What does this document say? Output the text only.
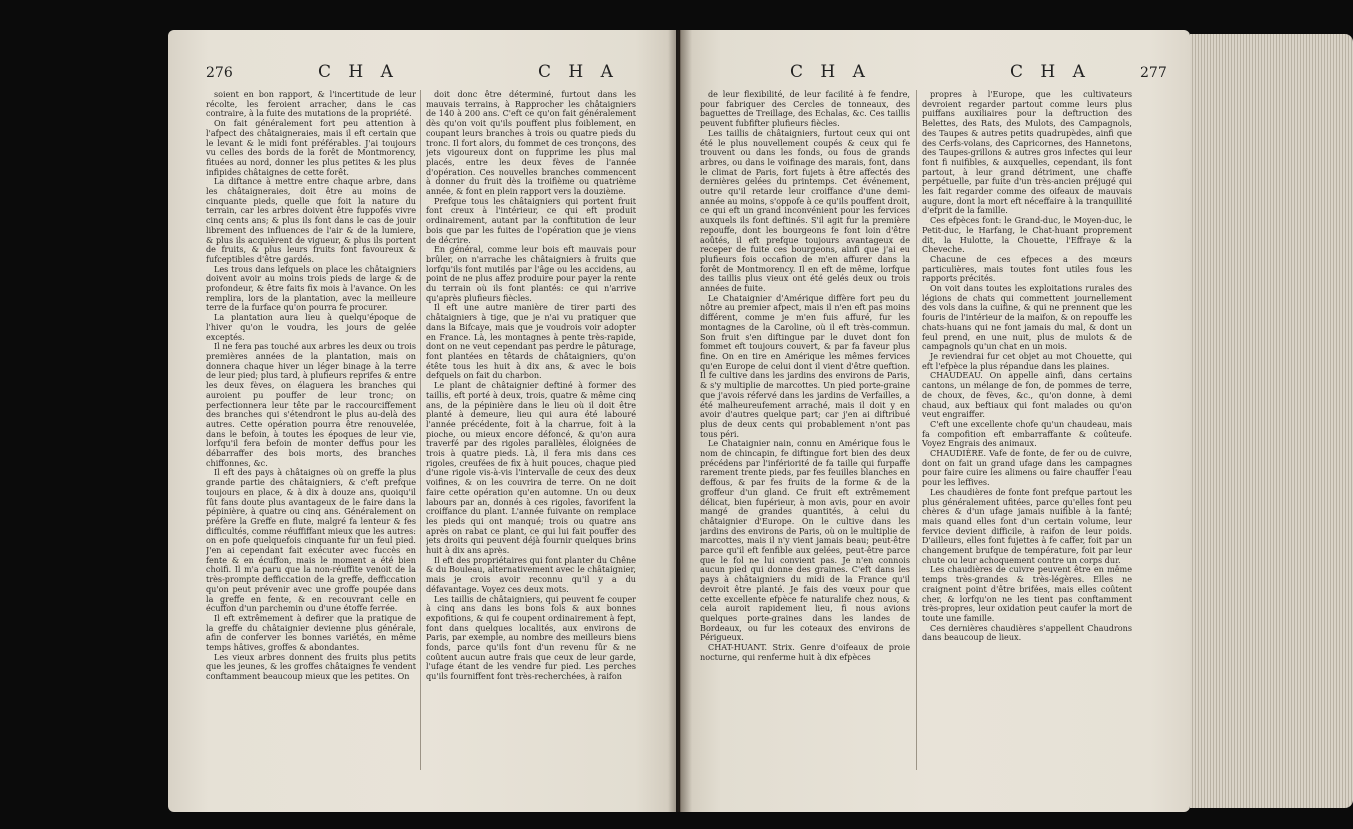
276	C H A	C H A

soient en bon rapport, & l'incertitude de leur récolte, les feroient arracher, dans le cas contraire, à la fuite des mutations de la propriété.

On fait généralement fort peu attention à l'afpect des châtaigneraies, mais il eft certain que le levant & le midi font préférables. J'ai toujours vu celles des bords de la forêt de Montmorency, fituées au nord, donner les plus petites & les plus infipides châtaignes de cette forêt.

La diftance à mettre entre chaque arbre, dans les châtaigneraies, doit être au moins de cinquante pieds, quelle que foit la nature du terrain, car les arbres doivent être fuppofés vivre cinq cents ans; & plus ils font dans le cas de jouir librement des influences de l'air & de la lumiere, & plus ils acquièrent de vigueur, & plus ils portent de fruits, & plus leurs fruits font favoureux & fufceptibles d'être gardés.

Les trous dans lefquels on place les châtaigniers doivent avoir au moins trois pieds de large & de profondeur, & être faits fix mois à l'avance. On les remplira, lors de la plantation, avec la meilleure terre de la furface qu'on pourra fe procurer.

La plantation aura lieu à quelqu'époque de l'hiver qu'on le voudra, les jours de gelée exceptés.

Il ne fera pas touché aux arbres les deux ou trois premières années de la plantation, mais on donnera chaque hiver un léger binage à la terre de leur pied; plus tard, à plufieurs reprifes & entre les deux fèves, on élaguera les branches qui auroient pu pouffer de leur tronc; on perfectionnera leur tête par le raccourciffement des branches qui s'étendront le plus au-delà des autres. Cette opération pourra être renouvelée, dans le befoin, à toutes les époques de leur vie, lorfqu'il fera befoin de monter deffus pour les débarraffer des bois morts, des branches chiffonnes, &c.

Il eft des pays à châtaignes où on greffe la plus grande partie des châtaigniers, & c'eft prefque toujours en place, & à dix à douze ans, quoiqu'il fût fans doute plus avantageux de le faire dans la pépinière, à quatre ou cinq ans. Généralement on préfère la Greffe en flute, malgré fa lenteur & fes difficultés, comme réuffiffant mieux que les autres: on en pofe quelquefois cinquante fur un feul pied. J'en ai cependant fait exécuter avec fuccès en fente & en écuffon, mais le moment a été bien choifi. Il m'a paru que la non-réuffite venoit de la très-prompte defficcation de la greffe, defficcation qu'on peut prévenir avec une groffe poupée dans la greffe en fente, & en recouvrant celle en écuffon d'un parchemin ou d'une étoffe ferrée.

Il eft extrêmement à defirer que la pratique de la greffe du châtaignier devienne plus générale, afin de conferver les bonnes variétés, en même temps hâtives, groffes & abondantes.

Les vieux arbres donnent des fruits plus petits que les jeunes, & les groffes châtaignes fe vendent conftamment beaucoup mieux que les petites. On

doit donc être déterminé, furtout dans les mauvais terrains, à Rapprocher les châtaigniers de 140 à 200 ans. C'eft ce qu'on fait généralement dès qu'on voit qu'ils pouffent plus foiblement, en coupant leurs branches à trois ou quatre pieds du tronc. Il fort alors, du fommet de ces tronçons, des jets vigoureux dont on fupprime les plus mal placés, entre les deux fèves de l'année d'opération. Ces nouvelles branches commencent à donner du fruit dès la troifième ou quatrième année, & font en plein rapport vers la douzième.

Prefque tous les châtaigniers qui portent fruit font creux à l'intérieur, ce qui eft produit ordinairement, autant par la conftitution de leur bois que par les fuites de l'opération que je viens de décrire.

En général, comme leur bois eft mauvais pour brûler, on n'arrache les châtaigniers à fruits que lorfqu'ils font mutilés par l'âge ou les accidens, au point de ne plus affez produire pour payer la rente du terrain où ils font plantés: ce qui n'arrive qu'après plufieurs fiècles.

Il eft une autre manière de tirer parti des châtaigniers à tige, que je n'ai vu pratiquer que dans la Bifcaye, mais que je voudrois voir adopter en France. Là, les montagnes à pente très-rapide, dont on ne veut cependant pas perdre le pâturage, font plantées en têtards de châtaigniers, qu'on étête tous les huit à dix ans, & avec le bois defquels on fait du charbon.

Le plant de châtaignier deftiné à former des taillis, eft porté à deux, trois, quatre & même cinq ans, de la pépinière dans le lieu où il doit être planté à demeure, lieu qui aura été labouré l'année précédente, foit à la charrue, foit à la pioche, ou mieux encore défoncé, & qu'on aura traverfé par des rigoles parallèles, éloignées de trois à quatre pieds. Là, il fera mis dans ces rigoles, creufées de fix à huit pouces, chaque pied d'une rigole vis-à-vis l'intervalle de ceux des deux voifines, & on les couvrira de terre. On ne doit faire cette opération qu'en automne. Un ou deux labours par an, donnés à ces rigoles, favorifent la croiffance du plant. L'année fuivante on remplace les pieds qui ont manqué; trois ou quatre ans après on rabat ce plant, ce qui lui fait pouffer des jets droits qui peuvent déjà fournir quelques brins huit à dix ans après.

Il eft des propriétaires qui font planter du Chêne & du Bouleau, alternativement avec le châtaignier, mais je crois avoir reconnu qu'il y a du défavantage. Voyez ces deux mots.

Les taillis de châtaigniers, qui peuvent fe couper à cinq ans dans les bons fols & aux bonnes expofitions, & qui fe coupent ordinairement à fept, font dans quelques localités, aux environs de Paris, par exemple, au nombre des meilleurs biens fonds, parce qu'ils font d'un revenu fûr & ne coûtent aucun autre frais que ceux de leur garde, l'ufage étant de les vendre fur pied. Les perches qu'ils fourniffent font très-recherchées, à raifon

C H A	C H A	277

de leur flexibilité, de leur facilité à fe fendre, pour fabriquer des Cercles de tonneaux, des baguettes de Treillage, des Echalas, &c. Ces taillis peuvent fubfifter plufieurs fiècles.

Les taillis de châtaigniers, furtout ceux qui ont été le plus nouvellement coupés & ceux qui fe trouvent ou dans les fonds, ou fous de grands arbres, ou dans le voifinage des marais, font, dans le climat de Paris, fort fujets à être affectés des dernières gelées du printemps. Cet événement, outre qu'il retarde leur croiffance d'une demi-année au moins, s'oppofe à ce qu'ils pouffent droit, ce qui eft un grand inconvénient pour les fervices auxquels ils font deftinés. S'il agit fur la première repouffe, dont les bourgeons fe font loin d'être aoûtés, il eft prefque toujours avantageux de receper de fuite ces bourgeons, ainfi que j'ai eu plufieurs fois occafion de m'en affurer dans la forêt de Montmorency. Il en eft de même, lorfque des taillis plus vieux ont été gelés deux ou trois années de fuite.

Le Chataignier d'Amérique diffère fort peu du nôtre au premier afpect, mais il n'en eft pas moins différent, comme je m'en fuis affuré, fur les montagnes de la Caroline, où il eft très-commun. Son fruit s'en diftingue par le duvet dont fon fommet eft toujours couvert, & par fa faveur plus fine. On en tire en Amérique les mêmes fervices qu'en Europe de celui dont il vient d'être queftion. Il fe cultive dans les jardins des environs de Paris, & s'y multiplie de marcottes. Un pied porte-graine que j'avois réfervé dans les jardins de Verfailles, a été malheureufement arraché, mais il doit y en avoir d'autres quelque part; car j'en ai diftribué plus de deux cents qui probablement n'ont pas tous péri.

Le Chataignier nain, connu en Amérique fous le nom de chincapin, fe diftingue fort bien des deux précédens par l'infériorité de fa taille qui furpaffe rarement trente pieds, par fes feuilles blanches en deffous, & par fes fruits de la forme & de la groffeur d'un gland. Ce fruit eft extrêmement délicat, bien fupérieur, à mon avis, pour en avoir mangé de grandes quantités, à celui du châtaignier d'Europe. On le cultive dans les jardins des environs de Paris, où on le multiplie de marcottes, mais il n'y vient jamais beau; peut-être parce qu'il eft fenfible aux gelées, peut-être parce que le fol ne lui convient pas. Je n'en connois aucun pied qui donne des graines. C'eft dans les pays à châtaigniers du midi de la France qu'il devroit être planté. Je fais des vœux pour que cette excellente efpèce fe naturalife chez nous, & cela auroit rapidement lieu, fi nous avions quelques porte-graines dans les landes de Bordeaux, ou fur les coteaux des environs de Périgueux.

CHAT-HUANT. Strix. Genre d'oifeaux de proie nocturne, qui renferme huit à dix efpèces

propres à l'Europe, que les cultivateurs devroient regarder partout comme leurs plus puiffans auxiliaires pour la deftruction des Belettes, des Rats, des Mulots, des Campagnols, des Taupes & autres petits quadrupèdes, ainfi que des Cerfs-volans, des Capricornes, des Hannetons, des Taupes-grillons & autres gros infectes qui leur font fi nuifibles, & auxquelles, cependant, ils font partout, à leur grand détriment, une chaffe perpétuelle, par fuite d'un très-ancien préjugé qui les fait regarder comme des oifeaux de mauvais augure, dont la mort eft néceffaire à la tranquillité d'efprit de la famille.

Ces efpèces font: le Grand-duc, le Moyen-duc, le Petit-duc, le Harfang, le Chat-huant proprement dit, la Hulotte, la Chouette, l'Effraye & la Cheveche.

Chacune de ces efpeces a des mœurs particulières, mais toutes font utiles fous les rapports précités.

On voit dans toutes les exploitations rurales des légions de chats qui commettent journellement des vols dans la cuifine, & qui ne prennent que les fouris de l'intérieur de la maifon, & on repouffe les chats-huans qui ne font jamais du mal, & dont un feul prend, en une nuit, plus de mulots & de campagnols qu'un chat en un mois.

Je reviendrai fur cet objet au mot Chouette, qui eft l'efpèce la plus répandue dans les plaines.

CHAUDEAU. On appelle ainfi, dans certains cantons, un mélange de fon, de pommes de terre, de choux, de fèves, &c., qu'on donne, à demi chaud, aux beftiaux qui font malades ou qu'on veut engraiffer.

C'eft une excellente chofe qu'un chaudeau, mais fa compofition eft embarraffante & coûteufe. Voyez Engrais des animaux.

CHAUDIÈRE. Vafe de fonte, de fer ou de cuivre, dont on fait un grand ufage dans les campagnes pour faire cuire les alimens ou faire chauffer l'eau pour les leffives.

Les chaudières de fonte font prefque partout les plus généralement ufitées, parce qu'elles font peu chères & d'un ufage jamais nuifible à la fanté; mais quand elles font d'un certain volume, leur fervice devient difficile, à raifon de leur poids. D'ailleurs, elles font fujettes à fe caffer, foit par un changement brufque de température, foit par leur chute ou leur achoquement contre un corps dur.

Les chaudières de cuivre peuvent être en même temps très-grandes & très-légères. Elles ne craignent point d'être brifées, mais elles coûtent cher, & lorfqu'on ne les tient pas conftamment très-propres, leur oxidation peut caufer la mort de toute une famille.

Ces dernières chaudières s'appellent Chaudrons dans beaucoup de lieux.
